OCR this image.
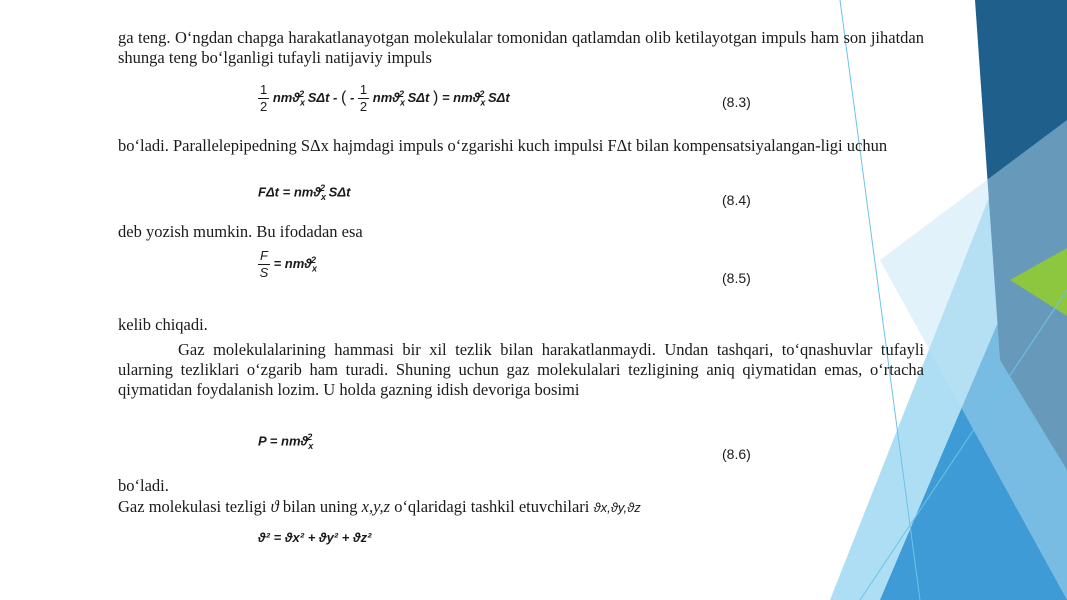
ga teng. O‘ngdan chapga harakatlanayotgan molekulalar tomonidan qatlamdan olib ketilayotgan impuls ham son jihatdan shunga teng bo‘lganligi tufayli natijaviy impuls
$\frac{1}{2} nmϑ_x^2$ SΔt - ( - $\frac{1}{2} nmϑ_x^2$ SΔt ) = nmϑ$_x^2$ SΔt	(8.3)
bo‘ladi. Parallelepipedning SΔx hajmdagi impuls o‘zgarishi kuch impulsi FΔt bilan kompensatsiyalangan-ligi uchun
FΔt = nmϑ$_x^2$ SΔt
(8.4)
deb yozish mumkin. Bu ifodadan esa
$\frac{F}{S} = nmϑ_x^2$
(8.5)
kelib chiqadi.
Gaz molekulalarining hammasi bir xil tezlik bilan harakatlanmaydi. Undan tashqari, to‘qnashuvlar tufayli ularning tezliklari o‘zgarib ham turadi. Shuning uchun gaz molekulalari tezligining aniq qiymatidan emas, o‘rtacha qiymatidan foydalanish lozim. U holda gazning idish devoriga bosimi
P = nmϑ$_x^2$
(8.6)
bo‘ladi.
Gaz molekulasi tezligi ϑ bilan uning x,y,z o‘qlaridagi tashkil etuvchilari ϑx,ϑy,ϑz
ϑ² = ϑx² + ϑy² + ϑz²
